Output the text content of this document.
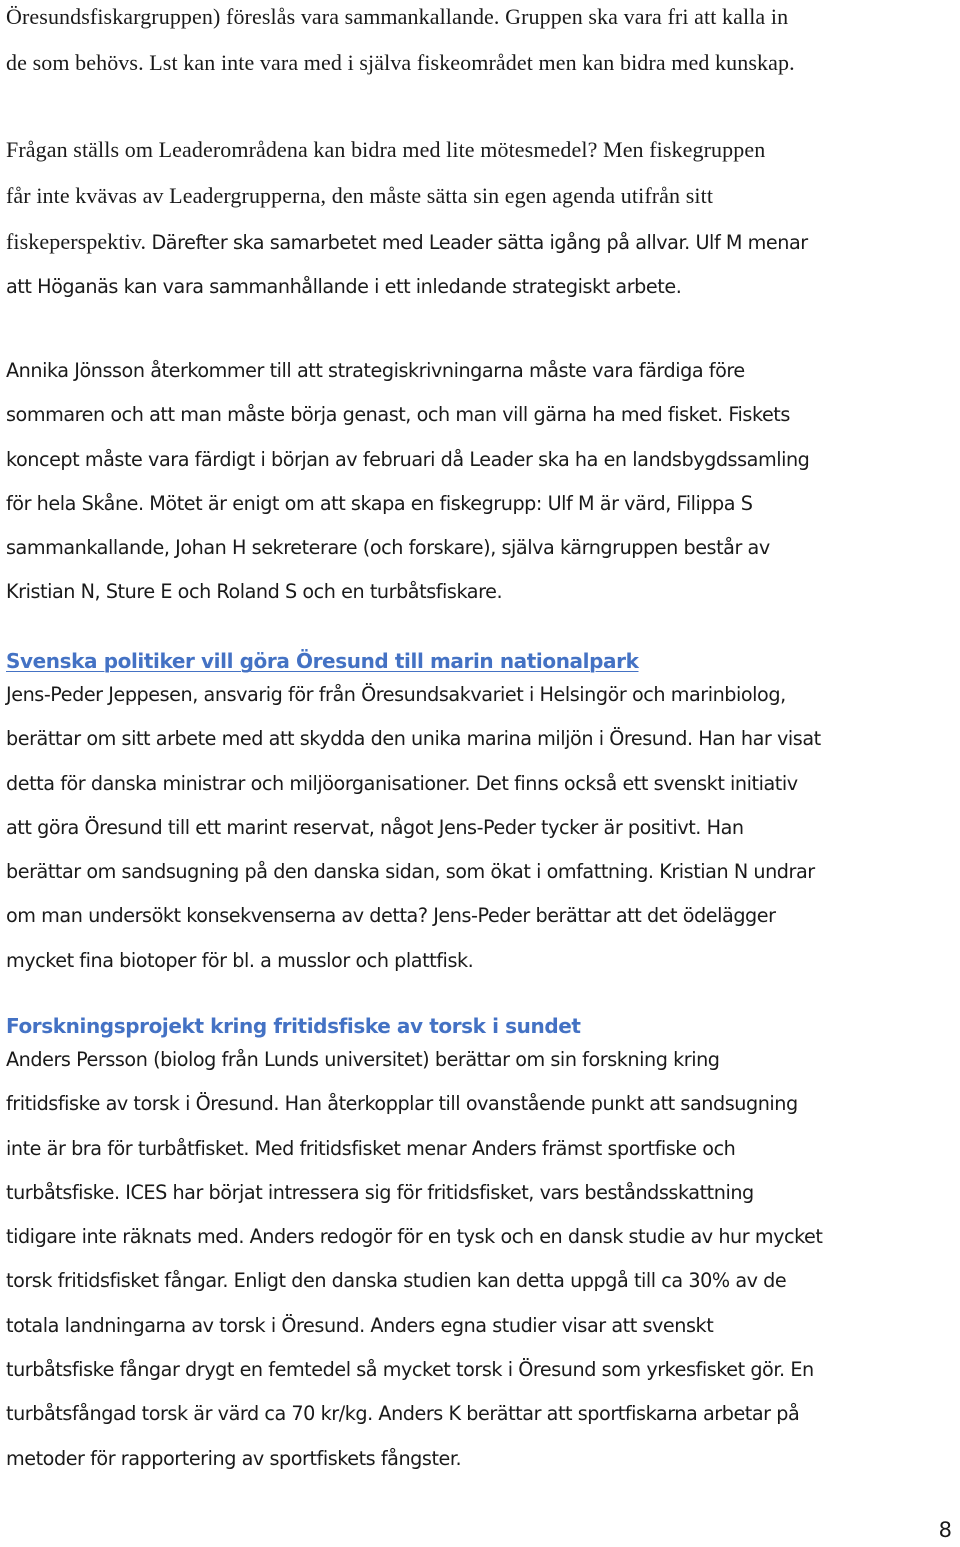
Öresundsfiskargruppen) föreslås vara sammankallande. Gruppen ska vara fri att kalla in

de som behövs. Lst kan inte vara med i själva fiskeområdet men kan bidra med kunskap.

Frågan ställs om Leaderområdena kan bidra med lite mötesmedel? Men fiskegruppen

får inte kvävas av Leadergrupperna, den måste sätta sin egen agenda utifrån sitt

fiskeperspektiv. Därefter ska samarbetet med Leader sätta igång på allvar. Ulf M menar

att Höganäs kan vara sammanhållande i ett inledande strategiskt arbete.

Annika Jönsson återkommer till att strategiskrivningarna måste vara färdiga före

sommaren och att man måste börja genast, och man vill gärna ha med fisket. Fiskets

koncept måste vara färdigt i början av februari då Leader ska ha en landsbygdssamling

för hela Skåne. Mötet är enigt om att skapa en fiskegrupp: Ulf M är värd, Filippa S

sammankallande, Johan H sekreterare (och forskare), själva kärngruppen består av

Kristian N, Sture E och Roland S och en turbåtsfiskare.

Svenska politiker vill göra Öresund till marin nationalpark

Jens-Peder Jeppesen, ansvarig för från Öresundsakvariet i Helsingör och marinbiolog,

berättar om sitt arbete med att skydda den unika marina miljön i Öresund. Han har visat

detta för danska ministrar och miljöorganisationer. Det finns också ett svenskt initiativ

att göra Öresund till ett marint reservat, något Jens-Peder tycker är positivt. Han

berättar om sandsugning på den danska sidan, som ökat i omfattning. Kristian N undrar

om man undersökt konsekvenserna av detta? Jens-Peder berättar att det ödelägger

mycket fina biotoper för bl. a musslor och plattfisk.

Forskningsprojekt kring fritidsfiske av torsk i sundet

Anders Persson (biolog från Lunds universitet) berättar om sin forskning kring

fritidsfiske av torsk i Öresund. Han återkopplar till ovanstående punkt att sandsugning

inte är bra för turbåtfisket. Med fritidsfisket menar Anders främst sportfiske och

turbåtsfiske. ICES har börjat intressera sig för fritidsfisket, vars beståndsskattning

tidigare inte räknats med. Anders redogör för en tysk och en dansk studie av hur mycket

torsk fritidsfisket fångar. Enligt den danska studien kan detta uppgå till ca 30% av de

totala landningarna av torsk i Öresund. Anders egna studier visar att svenskt

turbåtsfiske fångar drygt en femtedel så mycket torsk i Öresund som yrkesfisket gör. En

turbåtsfångad torsk är värd ca 70 kr/kg. Anders K berättar att sportfiskarna arbetar på

metoder för rapportering av sportfiskets fångster.

8
